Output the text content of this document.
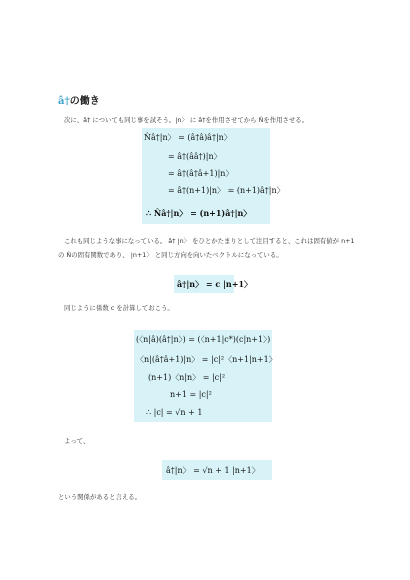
â†の働き
次に、â† についても同じ事を試そう。|n〉 に â†を作用させてから N̂を作用させる。
N̂â†|n〉 = (â†â)â†|n〉
= â†(ââ†)|n〉
= â†(â†â+1)|n〉
= â†(n+1)|n〉 = (n+1)â†|n〉
∴ N̂â†|n〉 = (n+1)â†|n〉
これも同じような事になっている。 â† |n〉 をひとかたまりとして注目すると、これは固有値が n+1
の N̂の固有関数であり、 |n+1〉 と同じ方向を向いたベクトルになっている。
â†|n〉 = c |n+1〉
同じように係数 c を計算しておこう。
(〈n|â)(â†|n〉) = (〈n+1|c*)(c|n+1〉)
〈n|(â†â+1)|n〉 = |c|²〈n+1|n+1〉
(n+1)〈n|n〉 = |c|²
n+1 = |c|²
∴ |c| = √n + 1
よって、
â†|n〉 = √n + 1 |n+1〉
という関係があると言える。
